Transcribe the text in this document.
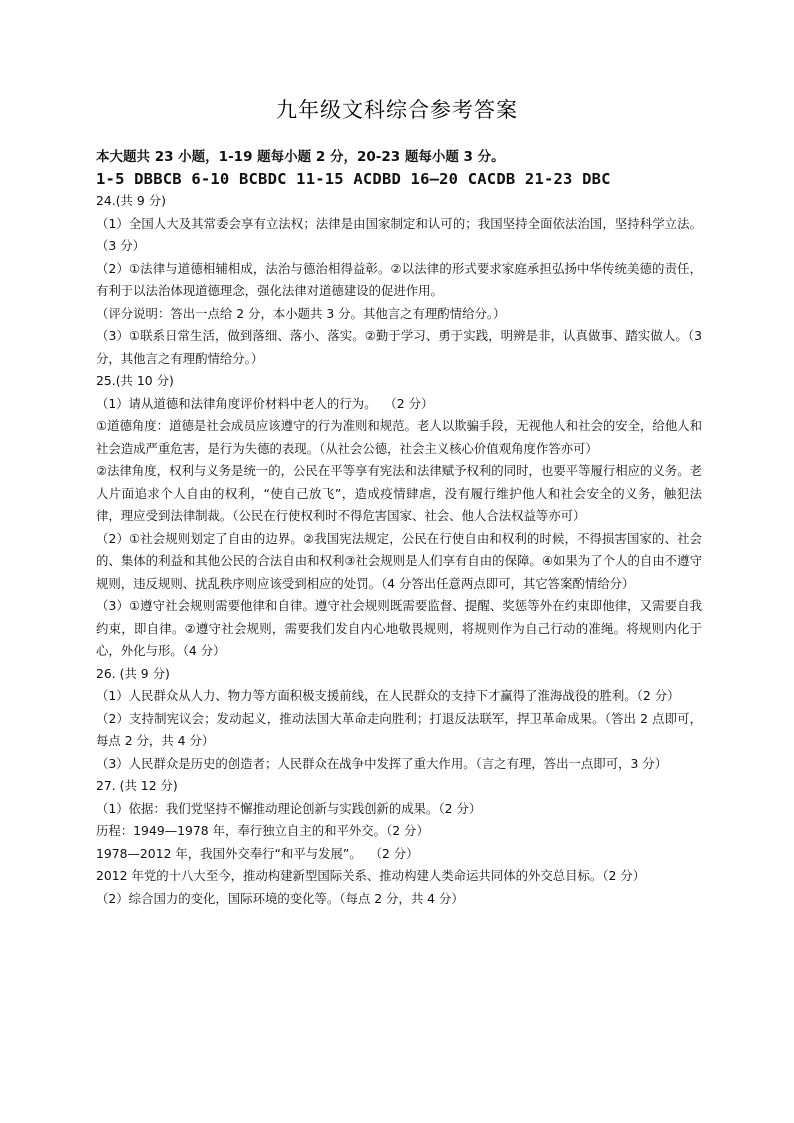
九年级文科综合参考答案
本大题共 23 小题，1-19 题每小题 2 分，20-23 题每小题 3 分。
1-5 DBBCB 6-10 BCBDC 11-15 ACDBD 16—20 CACDB 21-23 DBC
24.(共 9 分)
（1）全国人大及其常委会享有立法权；法律是由国家制定和认可的；我国坚持全面依法治国，坚持科学立法。（3 分）
（2）①法律与道德相辅相成，法治与德治相得益彰。②以法律的形式要求家庭承担弘扬中华传统美德的责任，有利于以法治体现道德理念，强化法律对道德建设的促进作用。
（评分说明：答出一点给 2 分，本小题共 3 分。其他言之有理酌情给分。）
（3）①联系日常生活，做到落细、落小、落实。②勤于学习、勇于实践，明辨是非，认真做事、踏实做人。（3 分，其他言之有理酌情给分。）
25.(共 10 分)
（1）请从道德和法律角度评价材料中老人的行为。  （2 分）
①道德角度：道德是社会成员应该遵守的行为准则和规范。老人以欺骗手段，无视他人和社会的安全，给他人和社会造成严重危害，是行为失德的表现。（从社会公德，社会主义核心价值观角度作答亦可）
②法律角度，权利与义务是统一的，公民在平等享有宪法和法律赋予权利的同时，也要平等履行相应的义务。老人片面追求个人自由的权利，“使自己放飞”，造成疫情肆虐，没有履行维护他人和社会安全的义务，触犯法律，理应受到法律制裁。（公民在行使权利时不得危害国家、社会、他人合法权益等亦可）
（2）①社会规则划定了自由的边界。②我国宪法规定，公民在行使自由和权利的时候，不得损害国家的、社会的、集体的利益和其他公民的合法自由和权利③社会规则是人们享有自由的保障。④如果为了个人的自由不遵守规则，违反规则、扰乱秩序则应该受到相应的处罚。（4 分答出任意两点即可，其它答案酌情给分）
（3）①遵守社会规则需要他律和自律。遵守社会规则既需要监督、提醒、奖惩等外在约束即他律，又需要自我约束，即自律。②遵守社会规则，需要我们发自内心地敬畏规则，将规则作为自己行动的准绳。将规则内化于心，外化与形。（4 分）
26. (共 9 分)
（1）人民群众从人力、物力等方面积极支援前线，在人民群众的支持下才赢得了淮海战役的胜利。（2 分）
（2）支持制宪议会；发动起义，推动法国大革命走向胜利；打退反法联军，捍卫革命成果。（答出 2 点即可，每点 2 分，共 4 分）
（3）人民群众是历史的创造者；人民群众在战争中发挥了重大作用。（言之有理，答出一点即可，3 分）
27. (共 12 分)
（1）依据：我们党坚持不懈推动理论创新与实践创新的成果。（2 分）
历程：1949—1978 年，奉行独立自主的和平外交。（2 分）
1978—2012 年，我国外交奉行“和平与发展”。  （2 分）
2012 年党的十八大至今，推动构建新型国际关系、推动构建人类命运共同体的外交总目标。（2 分）
（2）综合国力的变化，国际环境的变化等。（每点 2 分，共 4 分）
